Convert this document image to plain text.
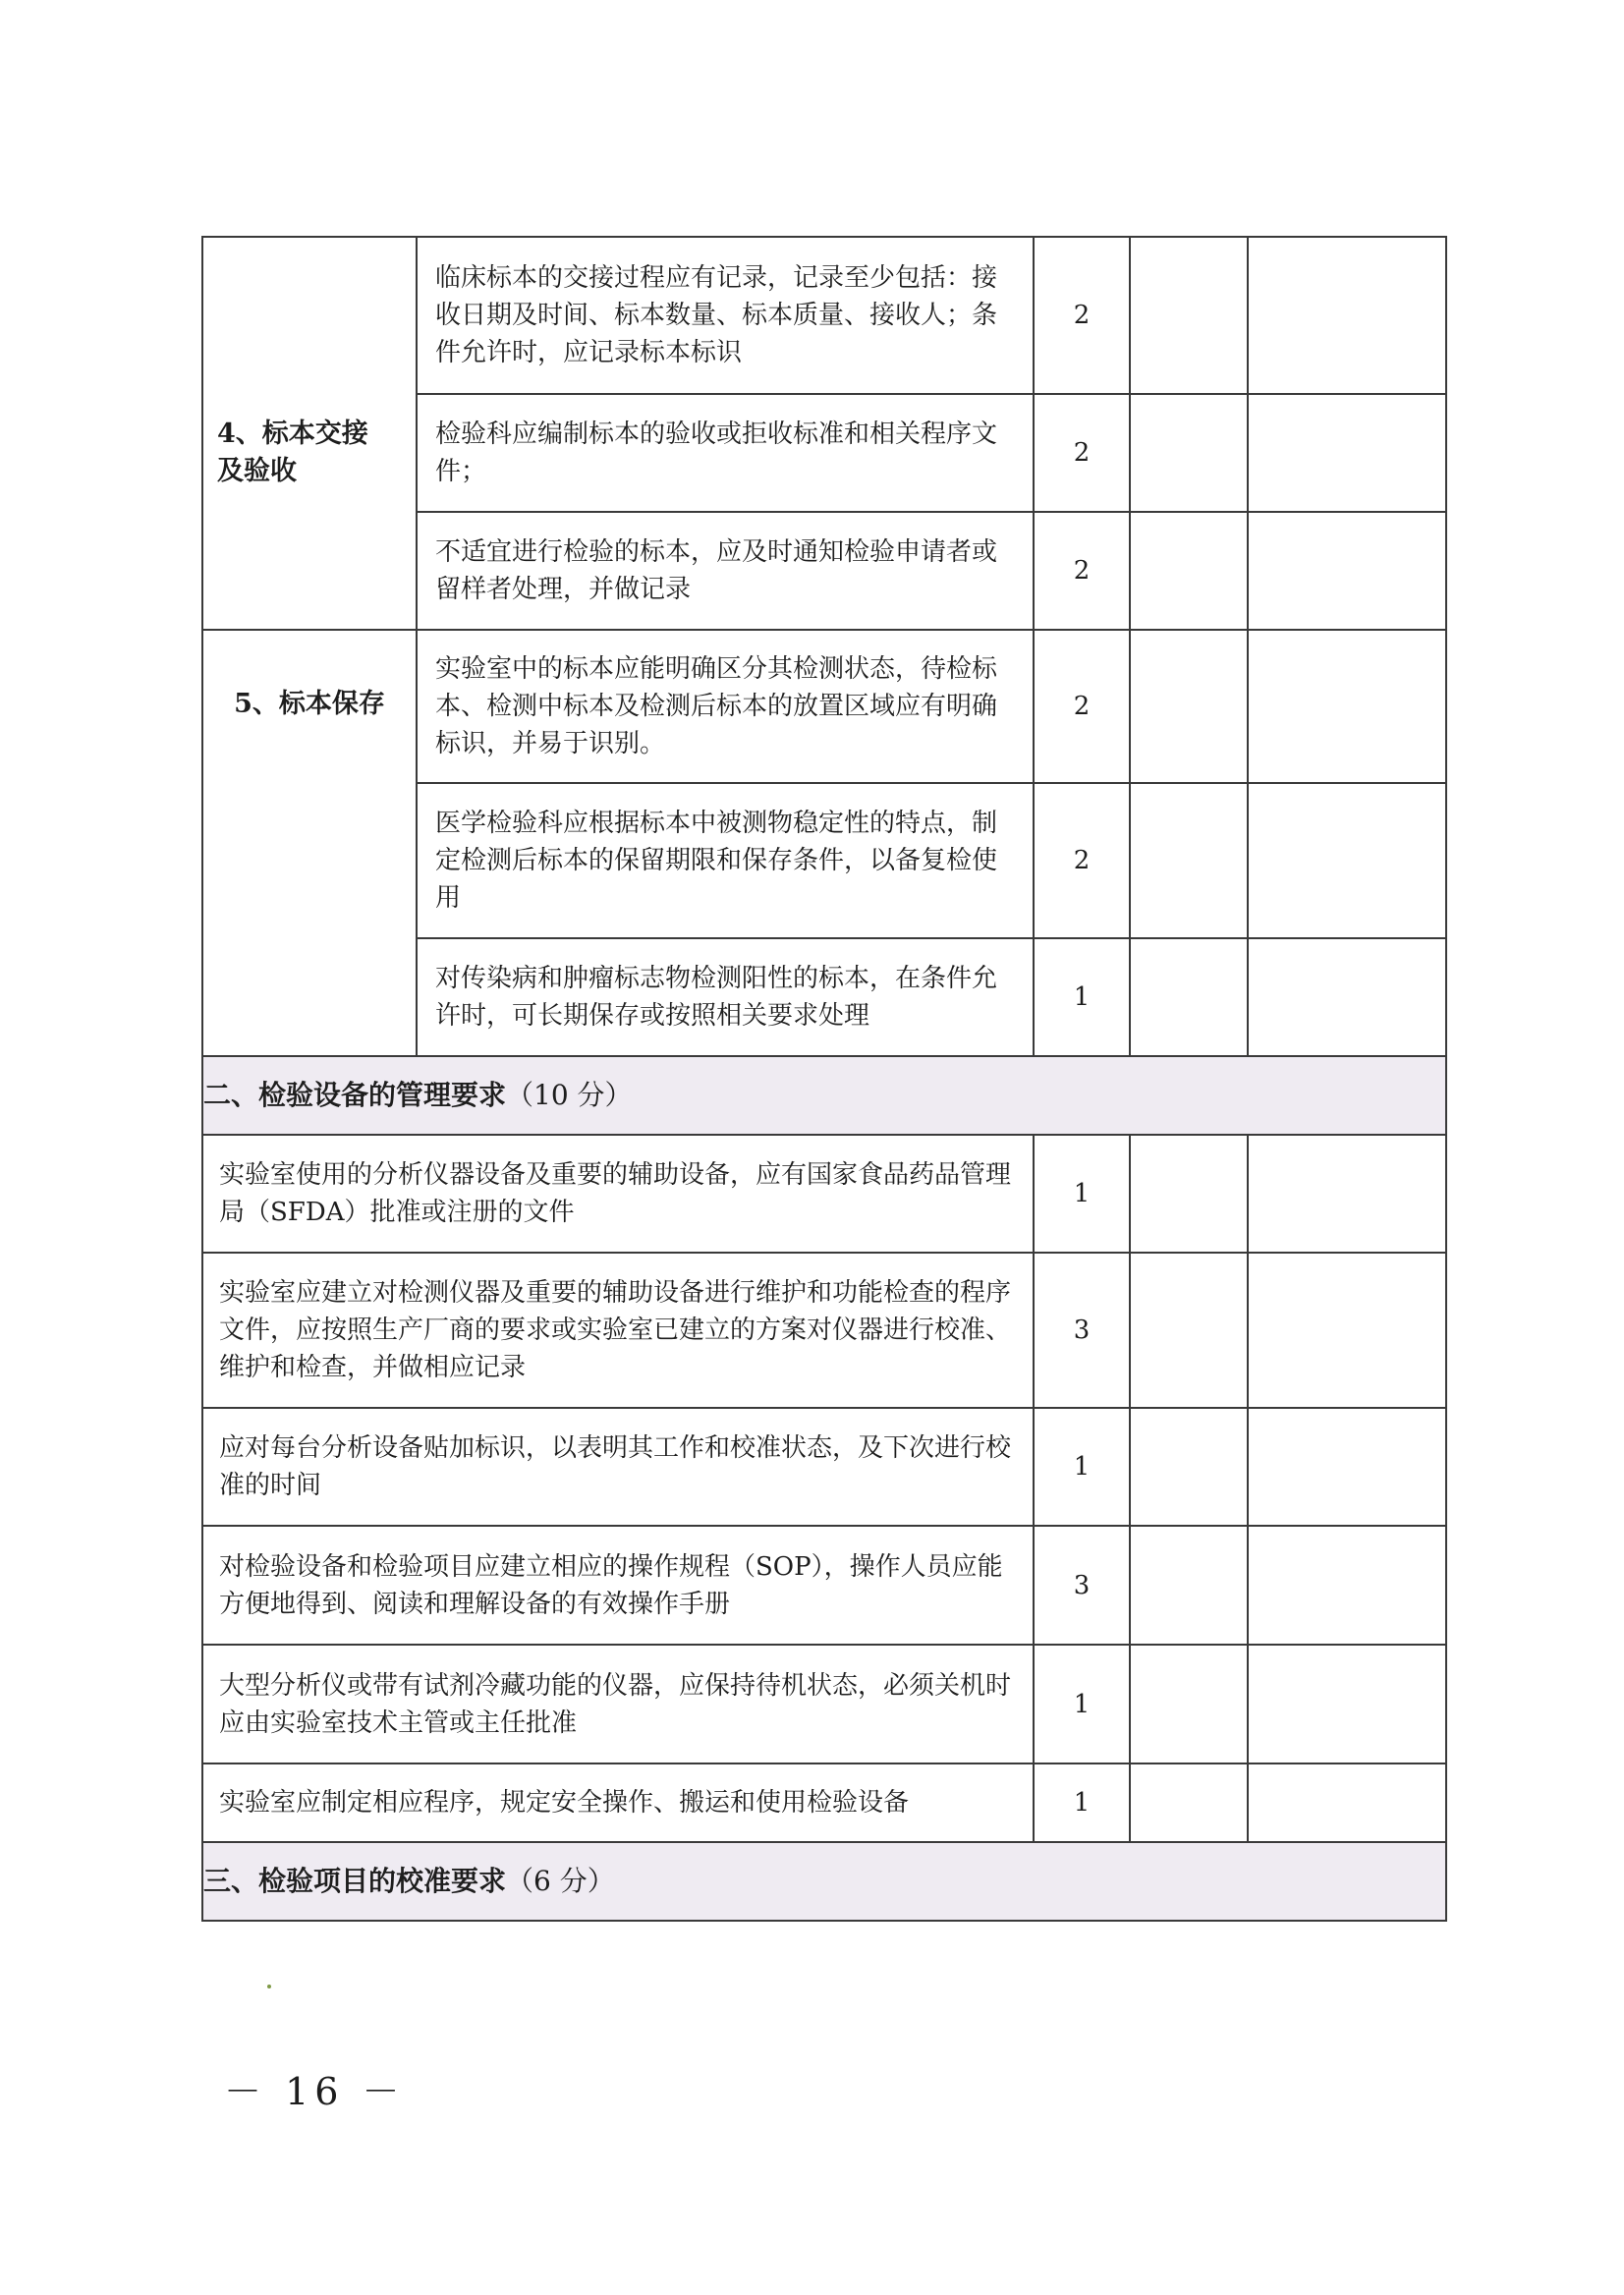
4、标本交接
及验收	临床标本的交接过程应有记录，记录至少包括：接收日期及时间、标本数量、标本质量、接收人；条件允许时，应记录标本标识	2		

	检验科应编制标本的验收或拒收标准和相关程序文件；	2		

	不适宜进行检验的标本，应及时通知检验申请者或留样者处理，并做记录	2		

5、标本保存	实验室中的标本应能明确区分其检测状态，待检标本、检测中标本及检测后标本的放置区域应有明确标识，并易于识别。	2		

	医学检验科应根据标本中被测物稳定性的特点，制定检测后标本的保留期限和保存条件，以备复检使用	2		

	对传染病和肿瘤标志物检测阳性的标本，在条件允许时，可长期保存或按照相关要求处理	1		
二、检验设备的管理要求（10 分）				

实验室使用的分析仪器设备及重要的辅助设备，应有国家食品药品管理局（SFDA）批准或注册的文件		1		

实验室应建立对检测仪器及重要的辅助设备进行维护和功能检查的程序文件，应按照生产厂商的要求或实验室已建立的方案对仪器进行校准、维护和检查，并做相应记录		3		

应对每台分析设备贴加标识，以表明其工作和校准状态，及下次进行校准的时间		1		

对检验设备和检验项目应建立相应的操作规程（SOP），操作人员应能方便地得到、阅读和理解设备的有效操作手册		3		

大型分析仪或带有试剂冷藏功能的仪器，应保持待机状态，必须关机时应由实验室技术主管或主任批准		1		

实验室应制定相应程序，规定安全操作、搬运和使用检验设备		1		
三、检验项目的校准要求（6 分）				
－ 16 －
